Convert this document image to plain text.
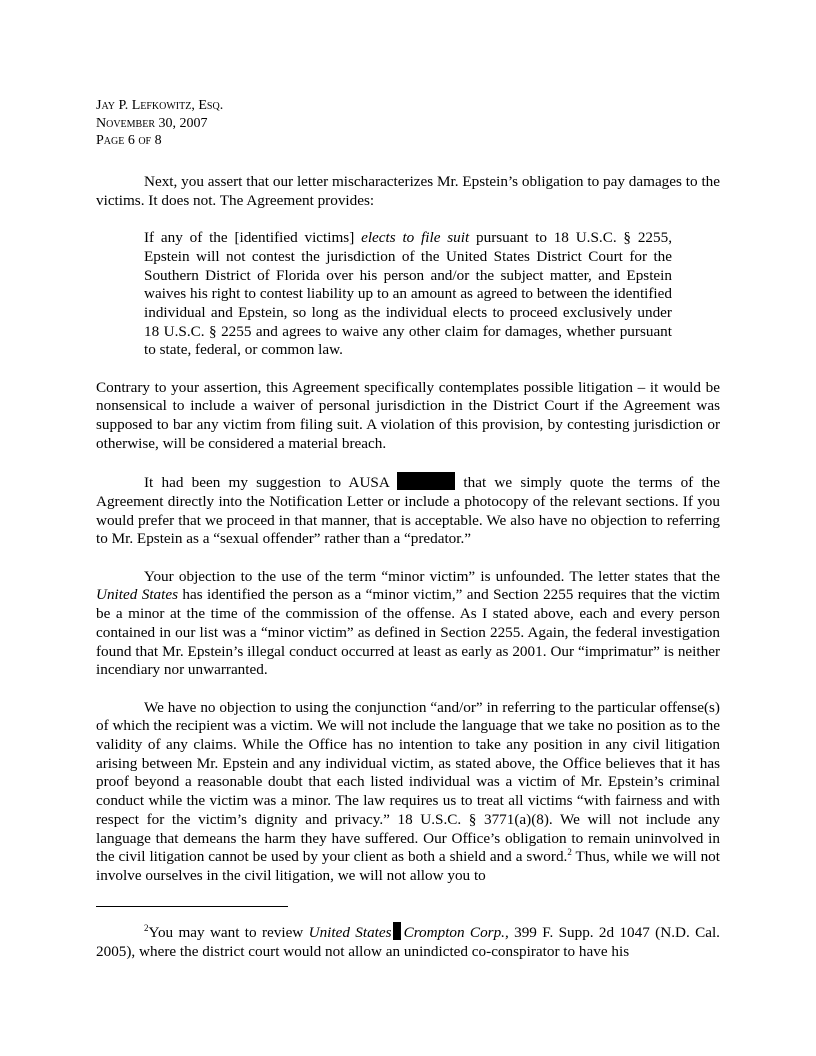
Jay P. Lefkowitz, Esq.
November 30, 2007
Page 6 of 8

Next, you assert that our letter mischaracterizes Mr. Epstein’s obligation to pay damages to the victims. It does not. The Agreement provides:

If any of the [identified victims] elects to file suit pursuant to 18 U.S.C. § 2255, Epstein will not contest the jurisdiction of the United States District Court for the Southern District of Florida over his person and/or the subject matter, and Epstein waives his right to contest liability up to an amount as agreed to between the identified individual and Epstein, so long as the individual elects to proceed exclusively under 18 U.S.C. § 2255 and agrees to waive any other claim for damages, whether pursuant to state, federal, or common law.

Contrary to your assertion, this Agreement specifically contemplates possible litigation – it would be nonsensical to include a waiver of personal jurisdiction in the District Court if the Agreement was supposed to bar any victim from filing suit. A violation of this provision, by contesting jurisdiction or otherwise, will be considered a material breach.

It had been my suggestion to AUSA	that we simply quote the terms of the Agreement directly into the Notification Letter or include a photocopy of the relevant sections. If you would prefer that we proceed in that manner, that is acceptable. We also have no objection to referring to Mr. Epstein as a “sexual offender” rather than a “predator.”

Your objection to the use of the term “minor victim” is unfounded. The letter states that the United States has identified the person as a “minor victim,” and Section 2255 requires that the victim be a minor at the time of the commission of the offense. As I stated above, each and every person contained in our list was a “minor victim” as defined in Section 2255. Again, the federal investigation found that Mr. Epstein’s illegal conduct occurred at least as early as 2001. Our “imprimatur” is neither incendiary nor unwarranted.

We have no objection to using the conjunction “and/or” in referring to the particular offense(s) of which the recipient was a victim. We will not include the language that we take no position as to the validity of any claims. While the Office has no intention to take any position in any civil litigation arising between Mr. Epstein and any individual victim, as stated above, the Office believes that it has proof beyond a reasonable doubt that each listed individual was a victim of Mr. Epstein’s criminal conduct while the victim was a minor. The law requires us to treat all victims “with fairness and with respect for the victim’s dignity and privacy.” 18 U.S.C. § 3771(a)(8). We will not include any language that demeans the harm they have suffered. Our Office’s obligation to remain uninvolved in the civil litigation cannot be used by your client as both a shield and a sword.$^2$ Thus, while we will not involve ourselves in the civil litigation, we will not allow you to

$^2$You may want to review United States Crompton Corp., 399 F. Supp. 2d 1047 (N.D. Cal. 2005), where the district court would not allow an unindicted co-conspirator to have his
